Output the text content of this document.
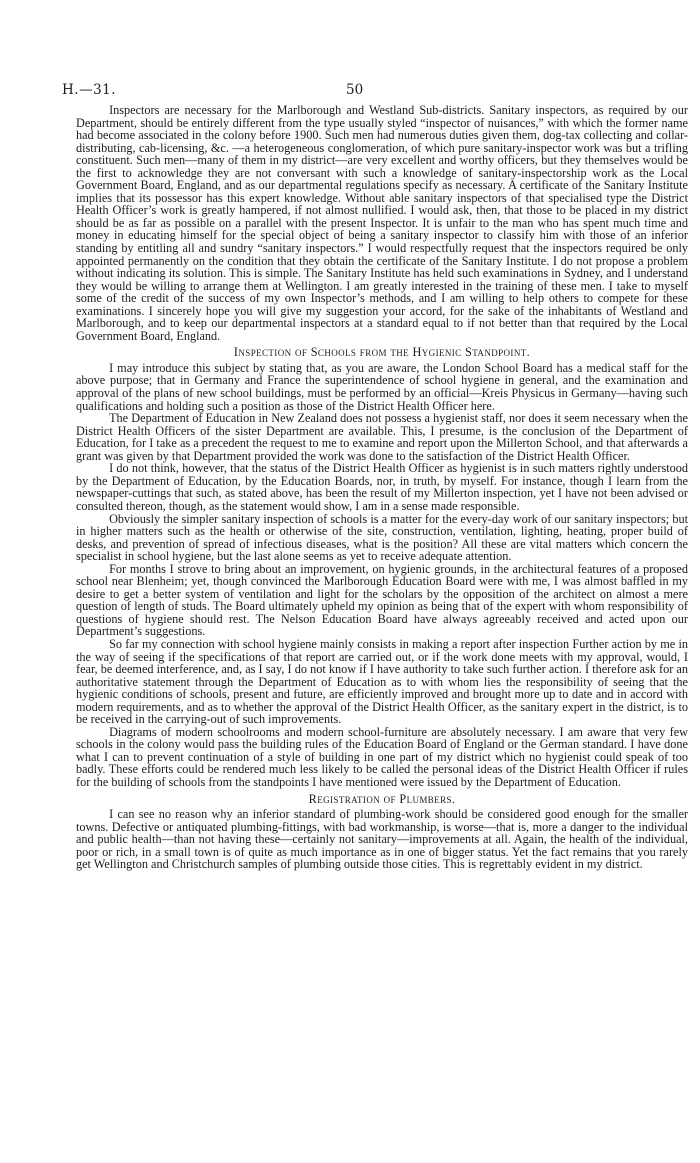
H.—31.	50

Inspectors are necessary for the Marlborough and Westland Sub-districts. Sanitary inspectors, as required by our Department, should be entirely different from the type usually styled “inspector of nuisances,” with which the former name had become associated in the colony before 1900. Such men had numerous duties given them, dog-tax collecting and collar-distributing, cab-licensing, &c. —a heterogeneous conglomeration, of which pure sanitary-inspector work was but a trifling constituent. Such men—many of them in my district—are very excellent and worthy officers, but they themselves would be the first to acknowledge they are not conversant with such a knowledge of sanitary-inspectorship work as the Local Government Board, England, and as our departmental regulations specify as necessary. A certificate of the Sanitary Institute implies that its possessor has this expert knowledge. Without able sanitary inspectors of that specialised type the District Health Officer’s work is greatly hampered, if not almost nullified. I would ask, then, that those to be placed in my district should be as far as possible on a parallel with the present Inspector. It is unfair to the man who has spent much time and money in educating himself for the special object of being a sanitary inspector to classify him with those of an inferior standing by entitling all and sundry “sanitary inspectors.” I would respectfully request that the inspectors required be only appointed permanently on the condition that they obtain the certificate of the Sanitary Institute. I do not propose a problem without indicating its solution. This is simple. The Sanitary Institute has held such examinations in Sydney, and I understand they would be willing to arrange them at Wellington. I am greatly interested in the training of these men. I take to myself some of the credit of the success of my own Inspector’s methods, and I am willing to help others to compete for these examinations. I sincerely hope you will give my suggestion your accord, for the sake of the inhabitants of Westland and Marlborough, and to keep our departmental inspectors at a standard equal to if not better than that required by the Local Government Board, England.

Inspection of Schools from the Hygienic Standpoint.

I may introduce this subject by stating that, as you are aware, the London School Board has a medical staff for the above purpose; that in Germany and France the superintendence of school hygiene in general, and the examination and approval of the plans of new school buildings, must be performed by an official—Kreis Physicus in Germany—having such qualifications and holding such a position as those of the District Health Officer here.

The Department of Education in New Zealand does not possess a hygienist staff, nor does it seem necessary when the District Health Officers of the sister Department are available. This, I presume, is the conclusion of the Department of Education, for I take as a precedent the request to me to examine and report upon the Millerton School, and that afterwards a grant was given by that Department provided the work was done to the satisfaction of the District Health Officer.

I do not think, however, that the status of the District Health Officer as hygienist is in such matters rightly understood by the Department of Education, by the Education Boards, nor, in truth, by myself. For instance, though I learn from the newspaper-cuttings that such, as stated above, has been the result of my Millerton inspection, yet I have not been advised or consulted thereon, though, as the statement would show, I am in a sense made responsible.

Obviously the simpler sanitary inspection of schools is a matter for the every-day work of our sanitary inspectors; but in higher matters such as the health or otherwise of the site, construction, ventilation, lighting, heating, proper build of desks, and prevention of spread of infectious diseases, what is the position? All these are vital matters which concern the specialist in school hygiene, but the last alone seems as yet to receive adequate attention.

For months I strove to bring about an improvement, on hygienic grounds, in the architectural features of a proposed school near Blenheim; yet, though convinced the Marlborough Education Board were with me, I was almost baffled in my desire to get a better system of ventilation and light for the scholars by the opposition of the architect on almost a mere question of length of studs. The Board ultimately upheld my opinion as being that of the expert with whom responsibility of questions of hygiene should rest. The Nelson Education Board have always agreeably received and acted upon our Department’s suggestions.

So far my connection with school hygiene mainly consists in making a report after inspection Further action by me in the way of seeing if the specifications of that report are carried out, or if the work done meets with my approval, would, I fear, be deemed interference, and, as I say, I do not know if I have authority to take such further action. I therefore ask for an authoritative statement through the Department of Education as to with whom lies the responsibility of seeing that the hygienic conditions of schools, present and future, are efficiently improved and brought more up to date and in accord with modern requirements, and as to whether the approval of the District Health Officer, as the sanitary expert in the district, is to be received in the carrying-out of such improvements.

Diagrams of modern schoolrooms and modern school-furniture are absolutely necessary. I am aware that very few schools in the colony would pass the building rules of the Education Board of England or the German standard. I have done what I can to prevent continuation of a style of building in one part of my district which no hygienist could speak of too badly. These efforts could be rendered much less likely to be called the personal ideas of the District Health Officer if rules for the building of schools from the standpoints I have mentioned were issued by the Department of Education.

Registration of Plumbers.

I can see no reason why an inferior standard of plumbing-work should be considered good enough for the smaller towns. Defective or antiquated plumbing-fittings, with bad workmanship, is worse—that is, more a danger to the individual and public health—than not having these—certainly not sanitary—improvements at all. Again, the health of the individual, poor or rich, in a small town is of quite as much importance as in one of bigger status. Yet the fact remains that you rarely get Wellington and Christchurch samples of plumbing outside those cities. This is regrettably evident in my district.
